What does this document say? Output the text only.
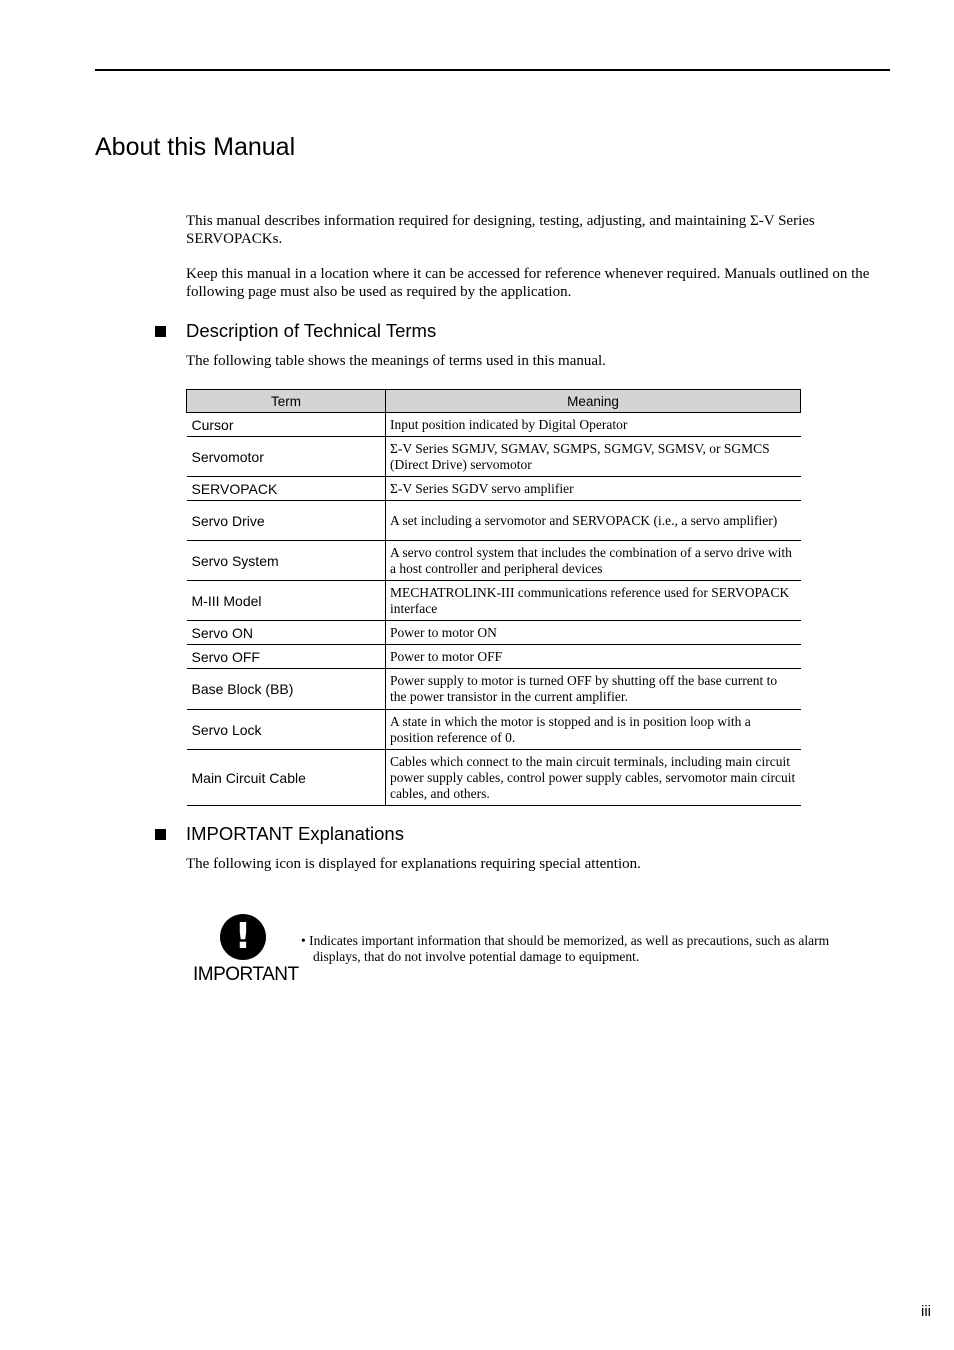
About this Manual

This manual describes information required for designing, testing, adjusting, and maintaining Σ-V Series SERVOPACKs.

Keep this manual in a location where it can be accessed for reference whenever required. Manuals outlined on the following page must also be used as required by the application.

Description of Technical Terms

The following table shows the meanings of terms used in this manual.

Term	Meaning
Cursor	Input position indicated by Digital Operator
Servomotor	Σ-V Series SGMJV, SGMAV, SGMPS, SGMGV, SGMSV, or SGMCS (Direct Drive) servomotor
SERVOPACK	Σ-V Series SGDV servo amplifier
Servo Drive	A set including a servomotor and SERVOPACK (i.e., a servo amplifier)
Servo System	A servo control system that includes the combination of a servo drive with a host controller and peripheral devices
M-III Model	MECHATROLINK-III communications reference used for SERVOPACK interface
Servo ON	Power to motor ON
Servo OFF	Power to motor OFF
Base Block (BB)	Power supply to motor is turned OFF by shutting off the base current to the power transistor in the current amplifier.
Servo Lock	A state in which the motor is stopped and is in position loop with a position reference of 0.
Main Circuit Cable	Cables which connect to the main circuit terminals, including main circuit power supply cables, control power supply cables, servomotor main circuit cables, and others.
IMPORTANT Explanations

The following icon is displayed for explanations requiring special attention.

!
IMPORTANT
• Indicates important information that should be memorized, as well as precautions, such as alarm displays, that do not involve potential damage to equipment.
iii
